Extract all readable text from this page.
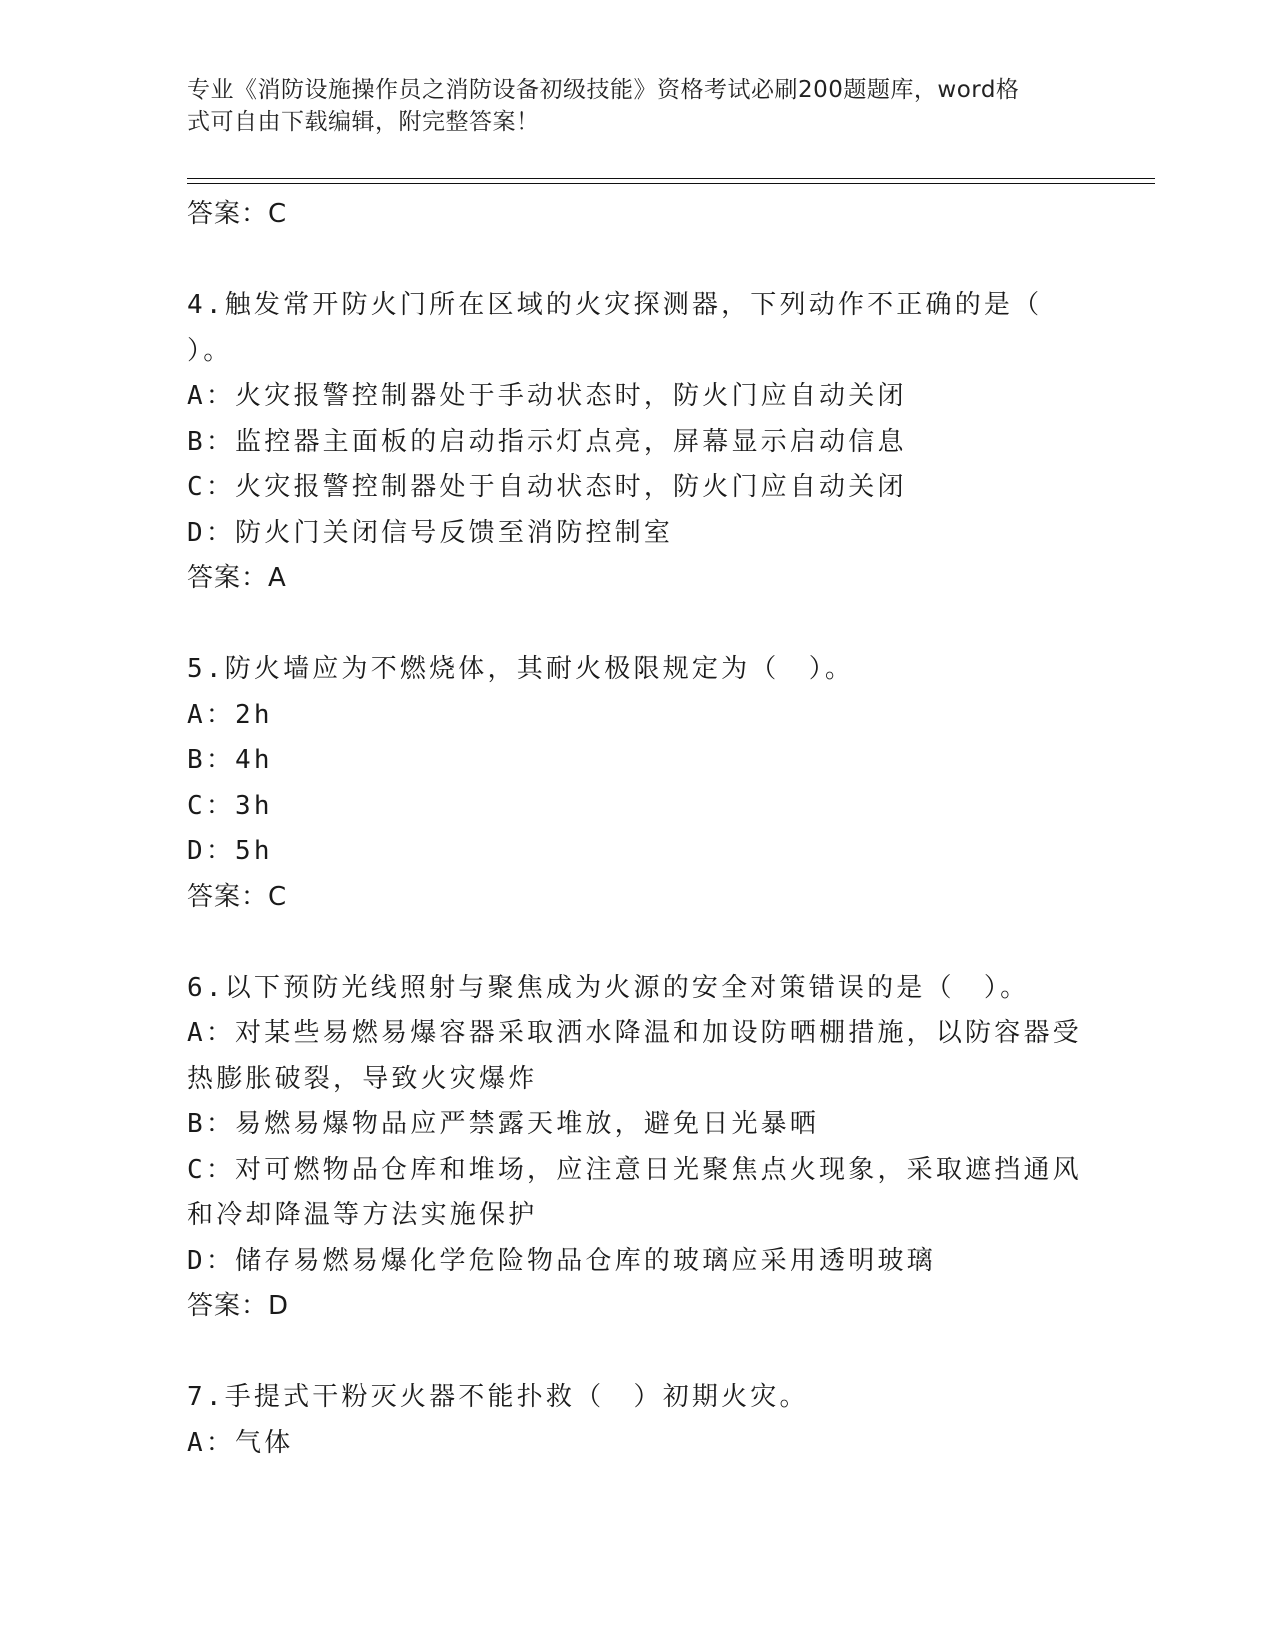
专业《消防设施操作员之消防设备初级技能》资格考试必刷200题题库，word格
式可自由下载编辑，附完整答案！
答案：C
4.触发常开防火门所在区域的火灾探测器，下列动作不正确的是（
）。
A：火灾报警控制器处于手动状态时，防火门应自动关闭
B：监控器主面板的启动指示灯点亮，屏幕显示启动信息
C：火灾报警控制器处于自动状态时，防火门应自动关闭
D：防火门关闭信号反馈至消防控制室
答案：A
5.防火墙应为不燃烧体，其耐火极限规定为（　）。
A：2h
B：4h
C：3h
D：5h
答案：C
6.以下预防光线照射与聚焦成为火源的安全对策错误的是（　）。
A：对某些易燃易爆容器采取洒水降温和加设防晒棚措施，以防容器受
热膨胀破裂，导致火灾爆炸
B：易燃易爆物品应严禁露天堆放，避免日光暴晒
C：对可燃物品仓库和堆场，应注意日光聚焦点火现象，采取遮挡通风
和冷却降温等方法实施保护
D：储存易燃易爆化学危险物品仓库的玻璃应采用透明玻璃
答案：D
7.手提式干粉灭火器不能扑救（　）初期火灾。
A：气体
